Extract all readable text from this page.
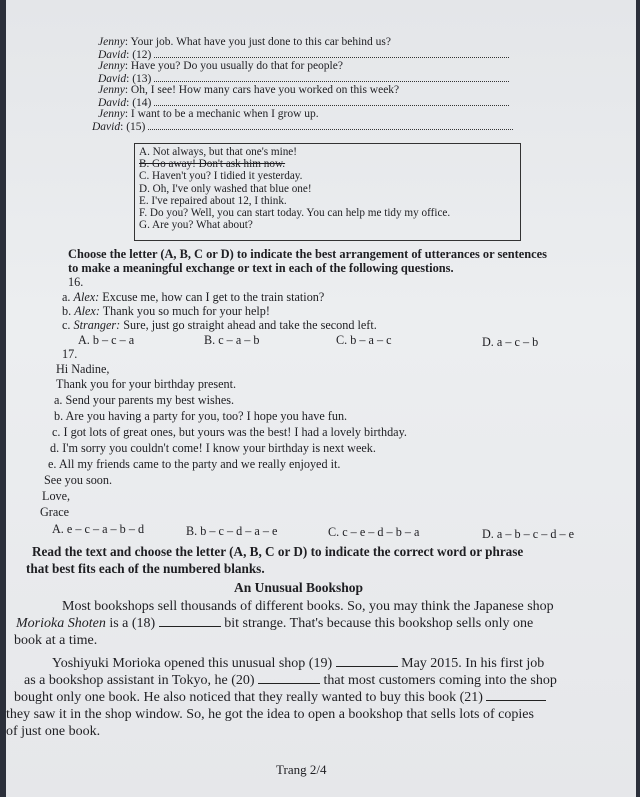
Jenny: Your job. What have you just done to this car behind us?
David: (12)
Jenny: Have you? Do you usually do that for people?
David: (13)
Jenny: Oh, I see! How many cars have you worked on this week?
David: (14)
Jenny: I want to be a mechanic when I grow up.
David: (15)
A. Not always, but that one's mine!
B. Go away! Don't ask him now.
C. Haven't you? I tidied it yesterday.
D. Oh, I've only washed that blue one!
E. I've repaired about 12, I think.
F. Do you? Well, you can start today. You can help me tidy my office.
G. Are you? What about?
Choose the letter (A, B, C or D) to indicate the best arrangement of utterances or sentences
to make a meaningful exchange or text in each of the following questions.
16.
a. Alex: Excuse me, how can I get to the train station?
b. Alex: Thank you so much for your help!
c. Stranger: Sure, just go straight ahead and take the second left.
A. b – c – a	B. c – a – b	C. b – a – c	D. a – c – b
17.
Hi Nadine,
Thank you for your birthday present.
a. Send your parents my best wishes.
b. Are you having a party for you, too? I hope you have fun.
c. I got lots of great ones, but yours was the best! I had a lovely birthday.
d. I'm sorry you couldn't come! I know your birthday is next week.
e. All my friends came to the party and we really enjoyed it.
See you soon.
Love,
Grace
A. e – c – a – b – d	B. b – c – d – a – e	C. c – e – d – b – a	D. a – b – c – d – e
Read the text and choose the letter (A, B, C or D) to indicate the correct word or phrase
that best fits each of the numbered blanks.
An Unusual Bookshop
Most bookshops sell thousands of different books. So, you may think the Japanese shop
Morioka Shoten is a (18)	bit strange. That's because this bookshop sells only one
book at a time.
Yoshiyuki Morioka opened this unusual shop (19)	May 2015. In his first job
as a bookshop assistant in Tokyo, he (20)	that most customers coming into the shop
bought only one book. He also noticed that they really wanted to buy this book (21)
they saw it in the shop window. So, he got the idea to open a bookshop that sells lots of copies
of just one book.
Trang 2/4
